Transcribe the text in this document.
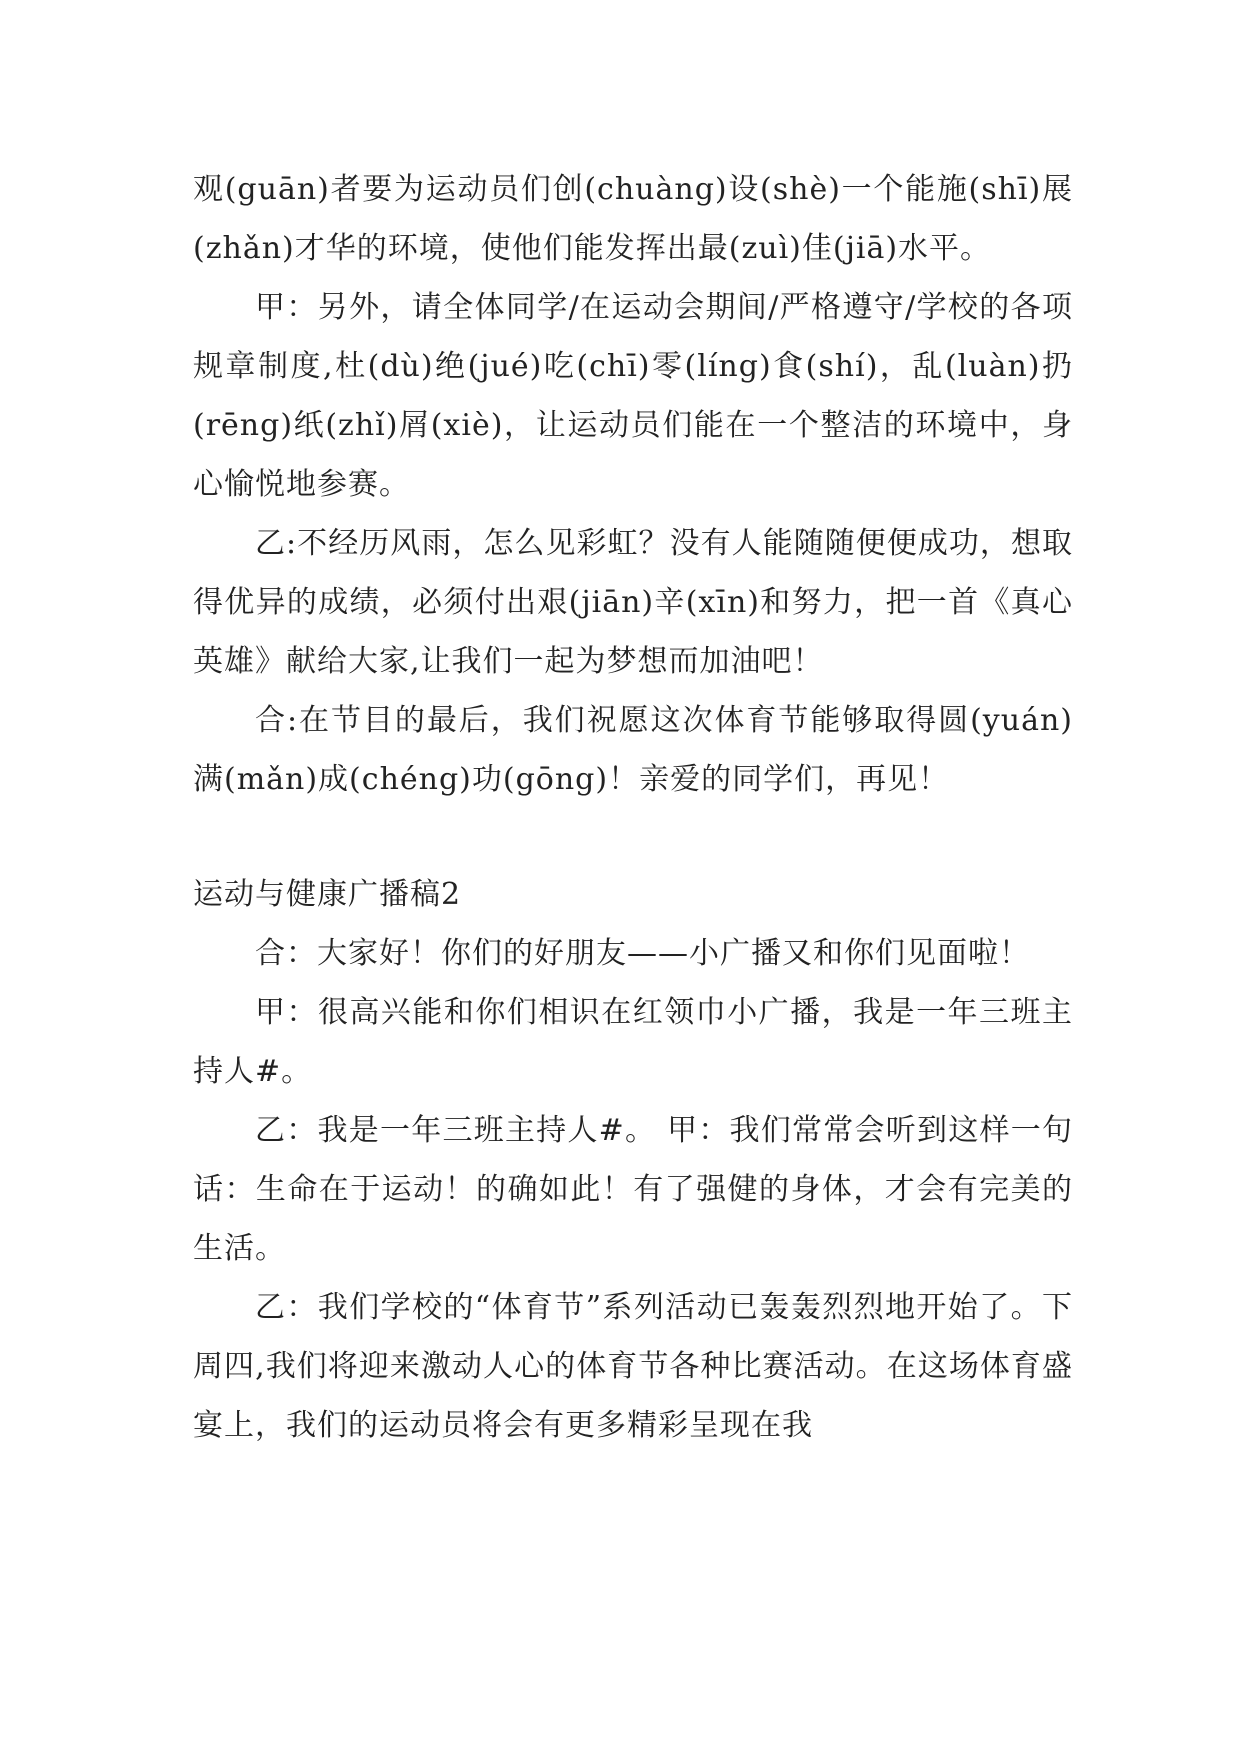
观(guān)者要为运动员们创(chuàng)设(shè)一个能施(shī)展(zhǎn)才华的环境，使他们能发挥出最(zuì)佳(jiā)水平。

甲：另外，请全体同学/在运动会期间/严格遵守/学校的各项规章制度,杜(dù)绝(jué)吃(chī)零(líng)食(shí)，乱(luàn)扔(rēng)纸(zhǐ)屑(xiè)，让运动员们能在一个整洁的环境中，身心愉悦地参赛。

乙:不经历风雨，怎么见彩虹？没有人能随随便便成功，想取得优异的成绩，必须付出艰(jiān)辛(xīn)和努力，把一首《真心英雄》献给大家,让我们一起为梦想而加油吧！

合:在节目的最后，我们祝愿这次体育节能够取得圆(yuán)满(mǎn)成(chéng)功(gōng)！亲爱的同学们，再见！

运动与健康广播稿2

合：大家好！你们的好朋友——小广播又和你们见面啦！

甲：很高兴能和你们相识在红领巾小广播，我是一年三班主持人#。

乙：我是一年三班主持人#。 甲：我们常常会听到这样一句话：生命在于运动！的确如此！有了强健的身体，才会有完美的生活。

乙：我们学校的“体育节”系列活动已轰轰烈烈地开始了。下周四,我们将迎来激动人心的体育节各种比赛活动。在这场体育盛宴上，我们的运动员将会有更多精彩呈现在我
